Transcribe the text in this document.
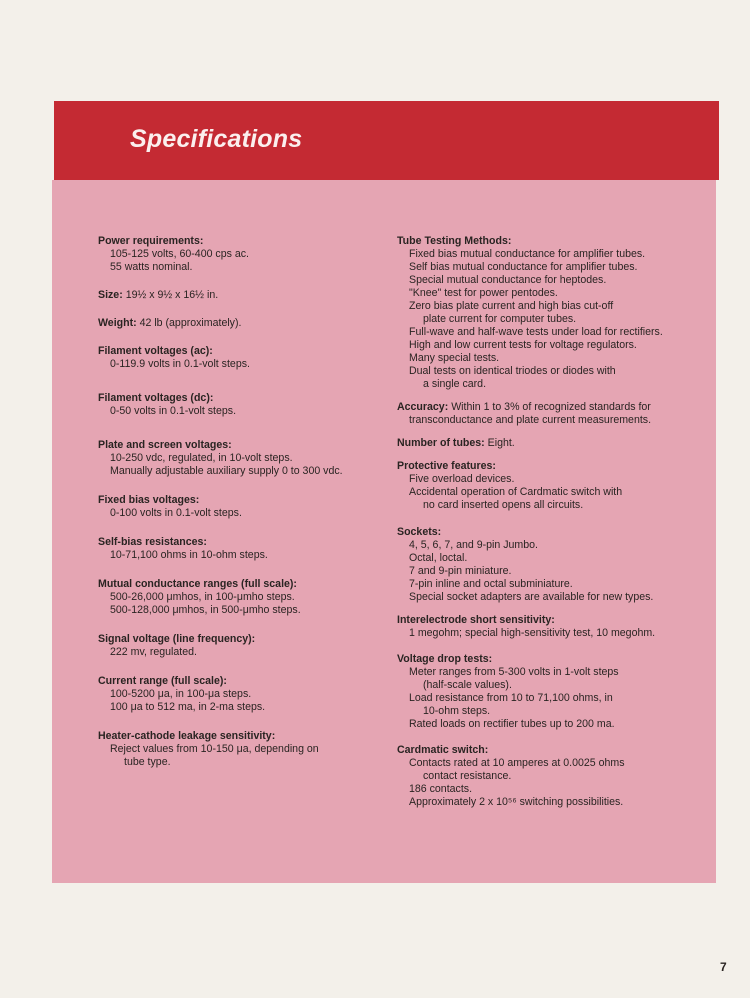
Specifications
Power requirements:
105-125 volts, 60-400 cps ac.
55 watts nominal.
Size: 19½ x 9½ x 16½ in.
Weight: 42 lb (approximately).
Filament voltages (ac):
0-119.9 volts in 0.1-volt steps.
Filament voltages (dc):
0-50 volts in 0.1-volt steps.
Plate and screen voltages:
10-250 vdc, regulated, in 10-volt steps.
Manually adjustable auxiliary supply 0 to 300 vdc.
Fixed bias voltages:
0-100 volts in 0.1-volt steps.
Self-bias resistances:
10-71,100 ohms in 10-ohm steps.
Mutual conductance ranges (full scale):
500-26,000 μmhos, in 100-μmho steps.
500-128,000 μmhos, in 500-μmho steps.
Signal voltage (line frequency):
222 mv, regulated.
Current range (full scale):
100-5200 μa, in 100-μa steps.
100 μa to 512 ma, in 2-ma steps.
Heater-cathode leakage sensitivity:
Reject values from 10-150 μa, depending on
tube type.
Tube Testing Methods:
Fixed bias mutual conductance for amplifier tubes.
Self bias mutual conductance for amplifier tubes.
Special mutual conductance for heptodes.
"Knee" test for power pentodes.
Zero bias plate current and high bias cut-off
plate current for computer tubes.
Full-wave and half-wave tests under load for rectifiers.
High and low current tests for voltage regulators.
Many special tests.
Dual tests on identical triodes or diodes with
a single card.
Accuracy: Within 1 to 3% of recognized standards for
transconductance and plate current measurements.
Number of tubes: Eight.
Protective features:
Five overload devices.
Accidental operation of Cardmatic switch with
no card inserted opens all circuits.
Sockets:
4, 5, 6, 7, and 9-pin Jumbo.
Octal, loctal.
7 and 9-pin miniature.
7-pin inline and octal subminiature.
Special socket adapters are available for new types.
Interelectrode short sensitivity:
1 megohm; special high-sensitivity test, 10 megohm.
Voltage drop tests:
Meter ranges from 5-300 volts in 1-volt steps
(half-scale values).
Load resistance from 10 to 71,100 ohms, in
10-ohm steps.
Rated loads on rectifier tubes up to 200 ma.
Cardmatic switch:
Contacts rated at 10 amperes at 0.0025 ohms
contact resistance.
186 contacts.
Approximately 2 x 10⁵⁶ switching possibilities.
7
